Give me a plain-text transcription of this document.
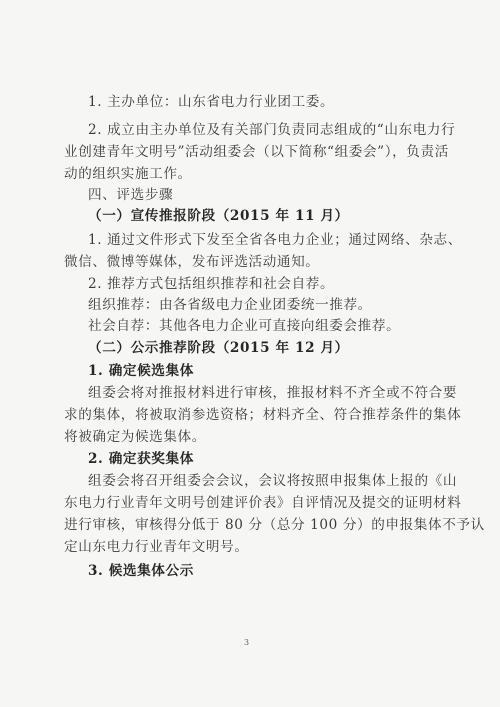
1. 主办单位：山东省电力行业团工委。
2. 成立由主办单位及有关部门负责同志组成的“山东电力行
业创建青年文明号”活动组委会（以下简称“组委会”），负责活
动的组织实施工作。
四、评选步骤
（一）宣传推报阶段（2015 年 11 月）
1. 通过文件形式下发至全省各电力企业；通过网络、杂志、
微信、微博等媒体，发布评选活动通知。
2. 推荐方式包括组织推荐和社会自荐。
组织推荐：由各省级电力企业团委统一推荐。
社会自荐：其他各电力企业可直接向组委会推荐。
（二）公示推荐阶段（2015 年 12 月）
1. 确定候选集体
组委会将对推报材料进行审核，推报材料不齐全或不符合要
求的集体，将被取消参选资格；材料齐全、符合推荐条件的集体
将被确定为候选集体。
2. 确定获奖集体
组委会将召开组委会会议，会议将按照申报集体上报的《山
东电力行业青年文明号创建评价表》自评情况及提交的证明材料
进行审核，审核得分低于 80 分（总分 100 分）的申报集体不予认
定山东电力行业青年文明号。
3. 候选集体公示
3
